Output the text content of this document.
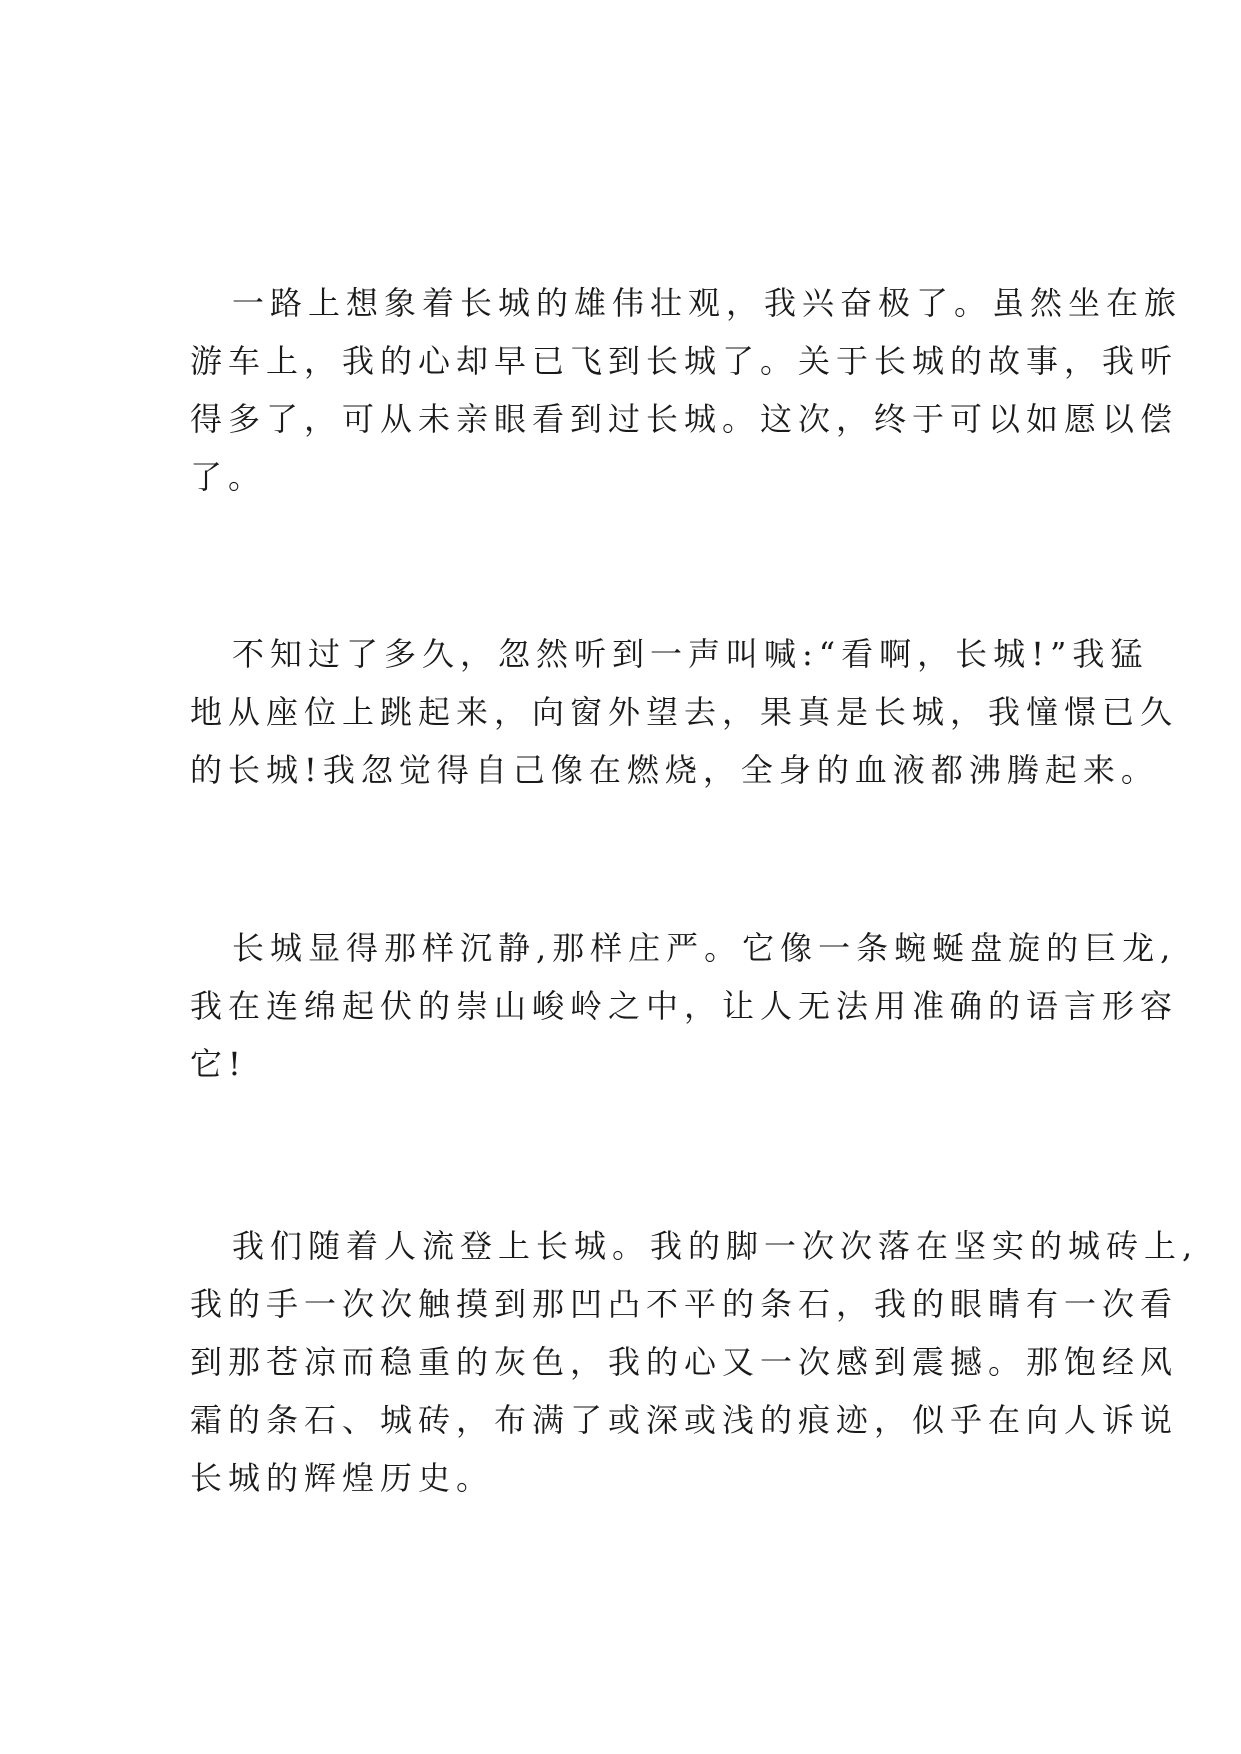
一路上想象着长城的雄伟壮观，我兴奋极了。虽然坐在旅
游车上，我的心却早已飞到长城了。关于长城的故事，我听
得多了，可从未亲眼看到过长城。这次，终于可以如愿以偿
了。
不知过了多久，忽然听到一声叫喊:“看啊，长城!”我猛
地从座位上跳起来，向窗外望去，果真是长城，我憧憬已久
的长城!我忽觉得自己像在燃烧，全身的血液都沸腾起来。
长城显得那样沉静,那样庄严。它像一条蜿蜒盘旋的巨龙,
我在连绵起伏的崇山峻岭之中，让人无法用准确的语言形容
它!
我们随着人流登上长城。我的脚一次次落在坚实的城砖上,
我的手一次次触摸到那凹凸不平的条石，我的眼睛有一次看
到那苍凉而稳重的灰色，我的心又一次感到震撼。那饱经风
霜的条石、城砖，布满了或深或浅的痕迹，似乎在向人诉说
长城的辉煌历史。
